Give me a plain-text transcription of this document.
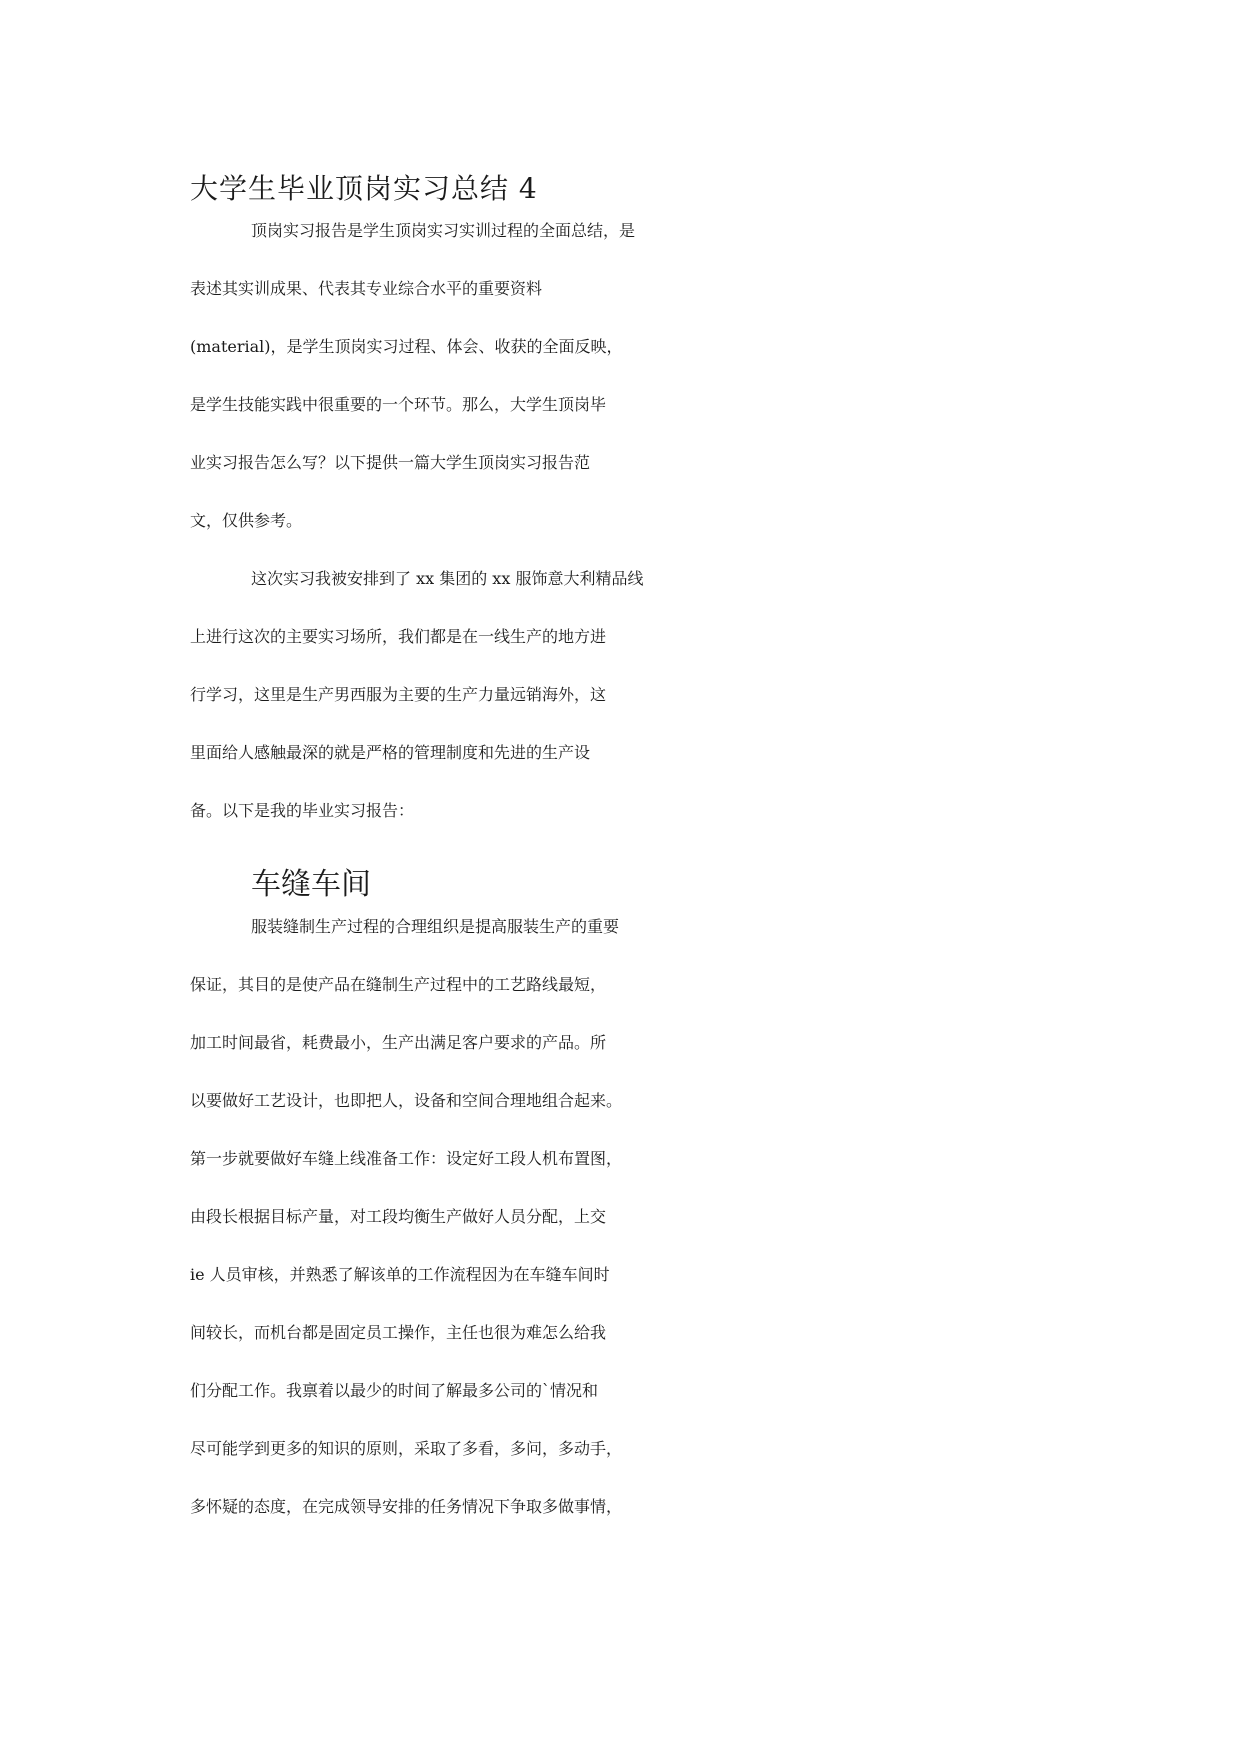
大学生毕业顶岗实习总结 4
顶岗实习报告是学生顶岗实习实训过程的全面总结，是
表述其实训成果、代表其专业综合水平的重要资料
(material)，是学生顶岗实习过程、体会、收获的全面反映，
是学生技能实践中很重要的一个环节。那么，大学生顶岗毕
业实习报告怎么写？以下提供一篇大学生顶岗实习报告范
文，仅供参考。
这次实习我被安排到了 xx 集团的 xx 服饰意大利精品线
上进行这次的主要实习场所，我们都是在一线生产的地方进
行学习，这里是生产男西服为主要的生产力量远销海外，这
里面给人感触最深的就是严格的管理制度和先进的生产设
备。以下是我的毕业实习报告：
车缝车间
服装缝制生产过程的合理组织是提高服装生产的重要
保证，其目的是使产品在缝制生产过程中的工艺路线最短，
加工时间最省，耗费最小，生产出满足客户要求的产品。所
以要做好工艺设计，也即把人，设备和空间合理地组合起来。
第一步就要做好车缝上线准备工作：设定好工段人机布置图，
由段长根据目标产量，对工段均衡生产做好人员分配，上交
ie 人员审核，并熟悉了解该单的工作流程因为在车缝车间时
间较长，而机台都是固定员工操作，主任也很为难怎么给我
们分配工作。我禀着以最少的时间了解最多公司的`情况和
尽可能学到更多的知识的原则，采取了多看，多问，多动手，
多怀疑的态度，在完成领导安排的任务情况下争取多做事情，
